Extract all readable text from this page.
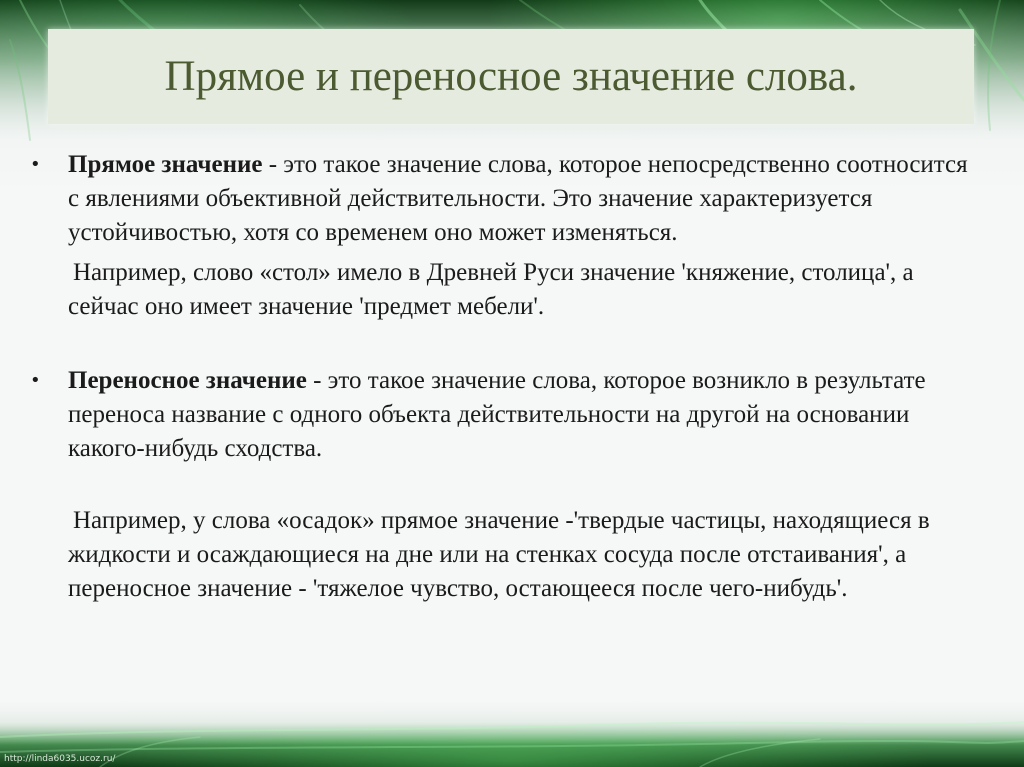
Прямое и переносное значение слова.
•	Прямое значение - это такое значение слова, которое непосредственно соотносится с явлениями объективной действительности. Это значение характеризуется устойчивостью, хотя со временем оно может изменяться.

Например, слово «стол» имело в Древней Руси значение 'княжение, столица', а сейчас оно имеет значение 'предмет мебели'.

•	Переносное значение - это такое значение слова, которое возникло в результате переноса название с одного объекта действительности на другой на основании какого-нибудь сходства.

Например, у слова «осадок» прямое значение -'твердые частицы, находящиеся в жидкости и осаждающиеся на дне или на стенках сосуда после отстаивания', а переносное значение - 'тяжелое чувство, остающееся после чего-нибудь'.

http://linda6035.ucoz.ru/
